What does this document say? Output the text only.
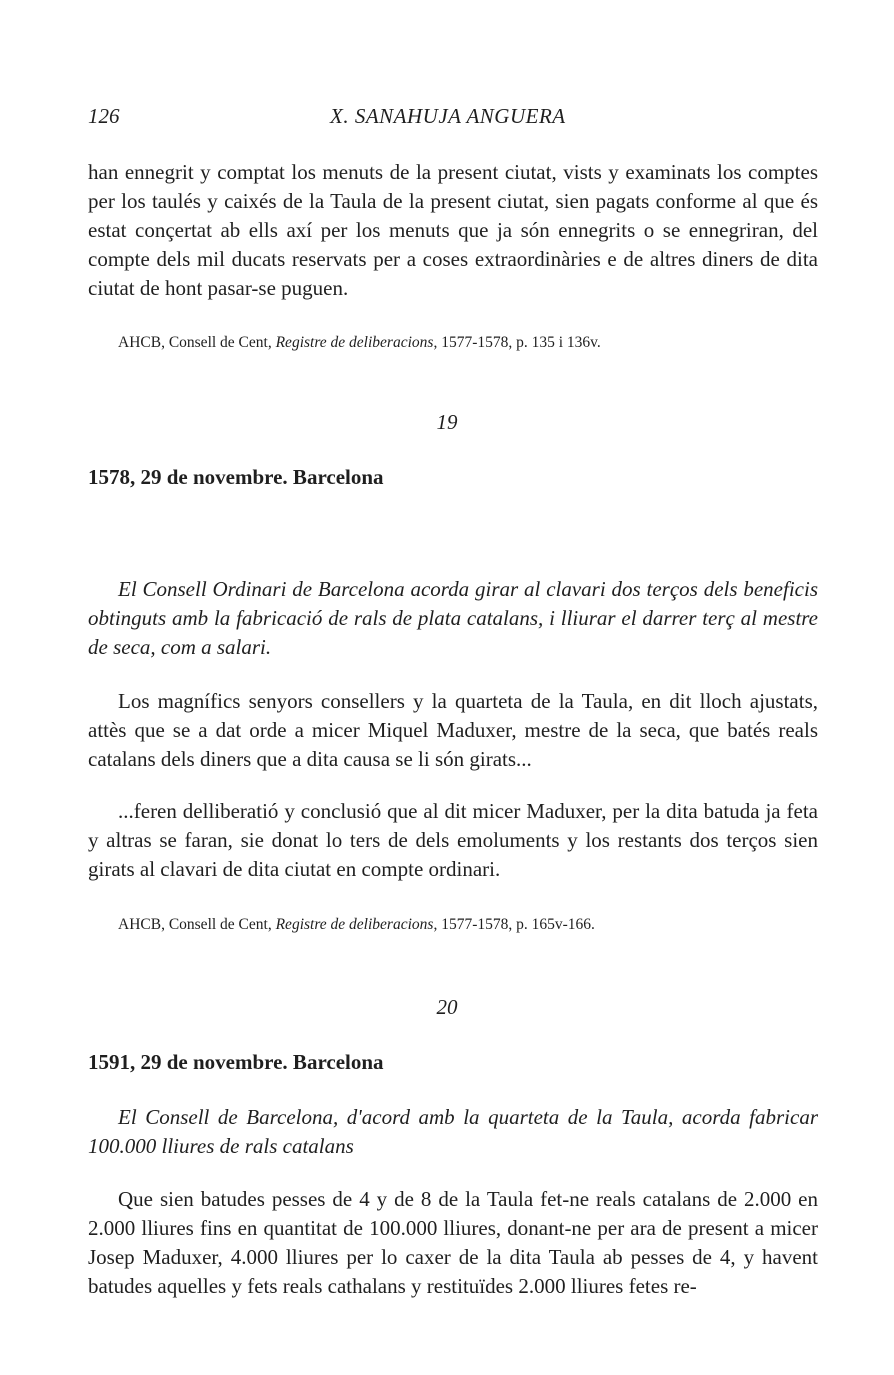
126	X. SANAHUJA ANGUERA

han ennegrit y comptat los menuts de la present ciutat, vists y examinats los comptes per los taulés y caixés de la Taula de la present ciutat, sien pagats conforme al que és estat conçertat ab ells axí per los menuts que ja són ennegrits o se ennegriran, del compte dels mil ducats reservats per a coses extraordinàries e de altres diners de dita ciutat de hont pasar-se puguen.

AHCB, Consell de Cent, Registre de deliberacions, 1577-1578, p. 135 i 136v.

19
1578, 29 de novembre. Barcelona

El Consell Ordinari de Barcelona acorda girar al clavari dos terços dels beneficis obtinguts amb la fabricació de rals de plata catalans, i lliurar el darrer terç al mestre de seca, com a salari.

Los magnífics senyors consellers y la quarteta de la Taula, en dit lloch ajustats, attès que se a dat orde a micer Miquel Maduxer, mestre de la seca, que batés reals catalans dels diners que a dita causa se li són girats...

...feren delliberatió y conclusió que al dit micer Maduxer, per la dita batuda ja feta y altras se faran, sie donat lo ters de dels emoluments y los restants dos terços sien girats al clavari de dita ciutat en compte ordinari.

AHCB, Consell de Cent, Registre de deliberacions, 1577-1578, p. 165v-166.

20
1591, 29 de novembre. Barcelona

El Consell de Barcelona, d'acord amb la quarteta de la Taula, acorda fabricar 100.000 lliures de rals catalans

Que sien batudes pesses de 4 y de 8 de la Taula fet-ne reals catalans de 2.000 en 2.000 lliures fins en quantitat de 100.000 lliures, donant-ne per ara de present a micer Josep Maduxer, 4.000 lliures per lo caxer de la dita Taula ab pesses de 4, y havent batudes aquelles y fets reals cathalans y restituïdes 2.000 lliures fetes re-
